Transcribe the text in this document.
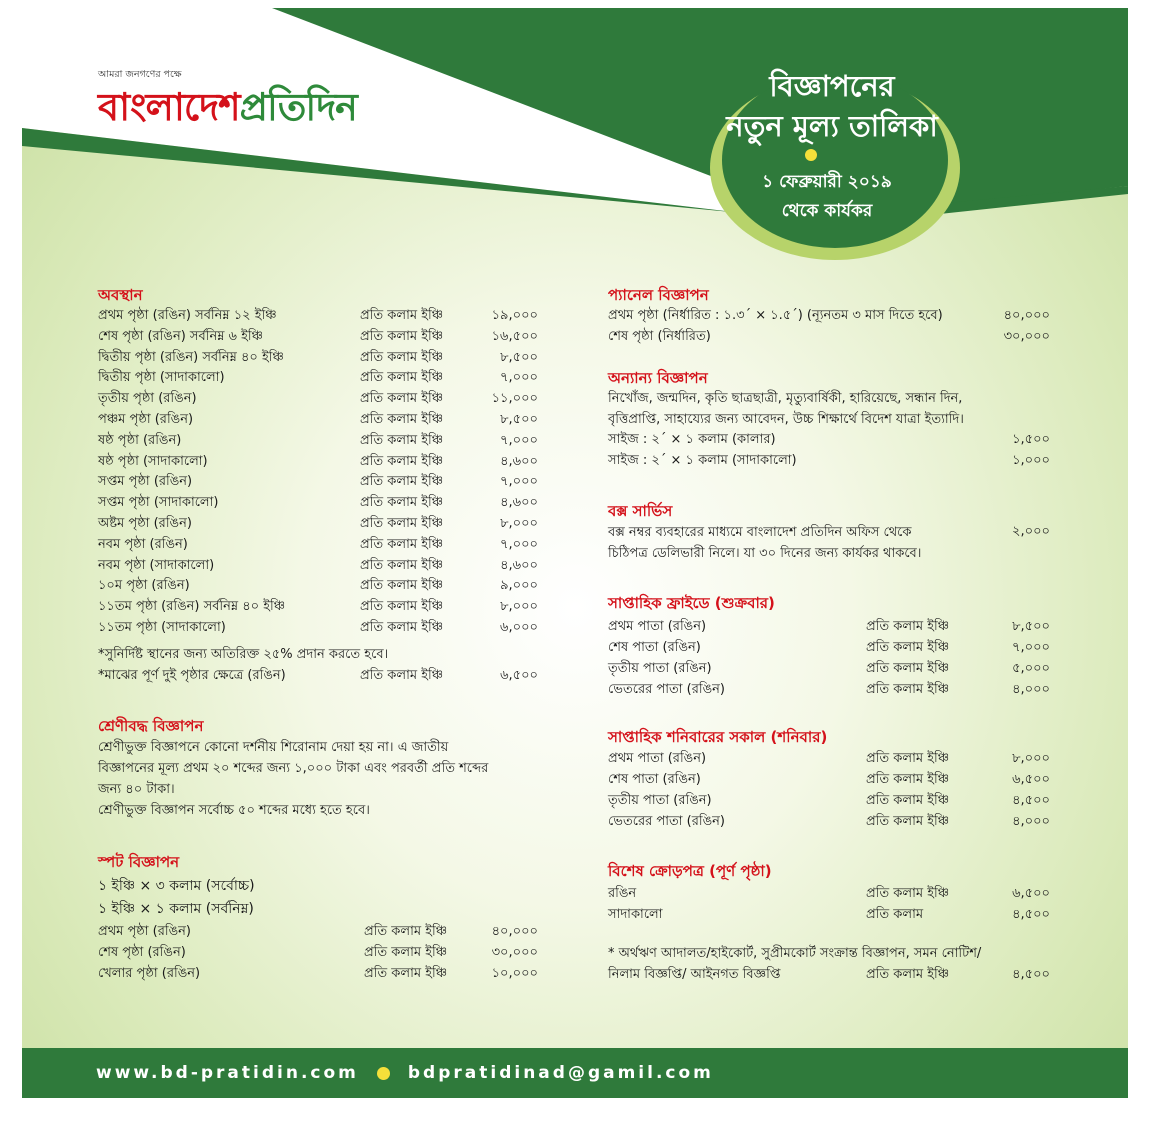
আমরা জনগণের পক্ষে
বাংলাদেশপ্রতিদিন	বিজ্ঞাপনের
নতুন মূল্য তালিকা
১ ফেব্রুয়ারী ২০১৯
থেকে কার্যকর
অবস্থান
প্রথম পৃষ্ঠা (রঙিন) সর্বনিম্ন ১২ ইঞ্চি	প্রতি কলাম ইঞ্চি	১৯,০০০
শেষ পৃষ্ঠা (রঙিন) সর্বনিম্ন ৬ ইঞ্চি	প্রতি কলাম ইঞ্চি	১৬,৫০০
দ্বিতীয় পৃষ্ঠা (রঙিন) সর্বনিম্ন ৪০ ইঞ্চি	প্রতি কলাম ইঞ্চি	৮,৫০০
দ্বিতীয় পৃষ্ঠা (সাদাকালো)	প্রতি কলাম ইঞ্চি	৭,০০০
তৃতীয় পৃষ্ঠা (রঙিন)	প্রতি কলাম ইঞ্চি	১১,০০০
পঞ্চম পৃষ্ঠা (রঙিন)	প্রতি কলাম ইঞ্চি	৮,৫০০
ষষ্ঠ পৃষ্ঠা (রঙিন)	প্রতি কলাম ইঞ্চি	৭,০০০
ষষ্ঠ পৃষ্ঠা (সাদাকালো)	প্রতি কলাম ইঞ্চি	৪,৬০০
সপ্তম পৃষ্ঠা (রঙিন)	প্রতি কলাম ইঞ্চি	৭,০০০
সপ্তম পৃষ্ঠা (সাদাকালো)	প্রতি কলাম ইঞ্চি	৪,৬০০
অষ্টম পৃষ্ঠা (রঙিন)	প্রতি কলাম ইঞ্চি	৮,০০০
নবম পৃষ্ঠা (রঙিন)	প্রতি কলাম ইঞ্চি	৭,০০০
নবম পৃষ্ঠা (সাদাকালো)	প্রতি কলাম ইঞ্চি	৪,৬০০
১০ম পৃষ্ঠা (রঙিন)	প্রতি কলাম ইঞ্চি	৯,০০০
১১তম পৃষ্ঠা (রঙিন) সর্বনিম্ন ৪০ ইঞ্চি	প্রতি কলাম ইঞ্চি	৮,০০০
১১তম পৃষ্ঠা (সাদাকালো)	প্রতি কলাম ইঞ্চি	৬,০০০
*সুনির্দিষ্ট স্থানের জন্য অতিরিক্ত ২৫% প্রদান করতে হবে।
*মাঝের পূর্ণ দুই পৃষ্ঠার ক্ষেত্রে (রঙিন)	প্রতি কলাম ইঞ্চি	৬,৫০০
শ্রেণীবদ্ধ বিজ্ঞাপন
শ্রেণীভুক্ত বিজ্ঞাপনে কোনো দর্শনীয় শিরোনাম দেয়া হয় না। এ জাতীয়
বিজ্ঞাপনের মূল্য প্রথম ২০ শব্দের জন্য ১,০০০ টাকা এবং পরবর্তী প্রতি শব্দের
জন্য ৪০ টাকা।
শ্রেণীভুক্ত বিজ্ঞাপন সর্বোচ্চ ৫০ শব্দের মধ্যে হতে হবে।
স্পট বিজ্ঞাপন
১ ইঞ্চি × ৩ কলাম (সর্বোচ্চ)
১ ইঞ্চি × ১ কলাম (সর্বনিম্ন)
প্রথম পৃষ্ঠা (রঙিন)	প্রতি কলাম ইঞ্চি	৪০,০০০
শেষ পৃষ্ঠা (রঙিন)	প্রতি কলাম ইঞ্চি	৩০,০০০
খেলার পৃষ্ঠা (রঙিন)	প্রতি কলাম ইঞ্চি	১০,০০০
প্যানেল বিজ্ঞাপন
প্রথম পৃষ্ঠা (নির্ধারিত : ১.৩ˊ × ১.৫ˊ) (ন্যূনতম ৩ মাস দিতে হবে)	৪০,০০০
শেষ পৃষ্ঠা (নির্ধারিত)	৩০,০০০
অন্যান্য বিজ্ঞাপন
নিখোঁজ, জন্মদিন, কৃতি ছাত্রছাত্রী, মৃত্যুবার্ষিকী, হারিয়েছে, সন্ধান দিন,
বৃত্তিপ্রাপ্তি, সাহায্যের জন্য আবেদন, উচ্চ শিক্ষার্থে বিদেশ যাত্রা ইত্যাদি।
সাইজ : ২ˊ × ১ কলাম (কালার)	১,৫০০
সাইজ : ২ˊ × ১ কলাম (সাদাকালো)	১,০০০
বক্স সার্ভিস
বক্স নম্বর ব্যবহারের মাধ্যমে বাংলাদেশ প্রতিদিন অফিস থেকে
চিঠিপত্র ডেলিভারী নিলে। যা ৩০ দিনের জন্য কার্যকর থাকবে।
২,০০০
সাপ্তাহিক ফ্রাইডে (শুক্রবার)
প্রথম পাতা (রঙিন)	প্রতি কলাম ইঞ্চি	৮,৫০০
শেষ পাতা (রঙিন)	প্রতি কলাম ইঞ্চি	৭,০০০
তৃতীয় পাতা (রঙিন)	প্রতি কলাম ইঞ্চি	৫,০০০
ভেতরের পাতা (রঙিন)	প্রতি কলাম ইঞ্চি	৪,০০০
সাপ্তাহিক শনিবারের সকাল (শনিবার)
প্রথম পাতা (রঙিন)	প্রতি কলাম ইঞ্চি	৮,০০০
শেষ পাতা (রঙিন)	প্রতি কলাম ইঞ্চি	৬,৫০০
তৃতীয় পাতা (রঙিন)	প্রতি কলাম ইঞ্চি	৪,৫০০
ভেতরের পাতা (রঙিন)	প্রতি কলাম ইঞ্চি	৪,০০০
বিশেষ ক্রোড়পত্র (পূর্ণ পৃষ্ঠা)
রঙিন	প্রতি কলাম ইঞ্চি	৬,৫০০
সাদাকালো	প্রতি কলাম	৪,৫০০
* অর্থঋণ আদালত/হাইকোর্ট, সুপ্রীমকোর্ট সংক্রান্ত বিজ্ঞাপন, সমন নোটিশ/
নিলাম বিজ্ঞপ্তি/ আইনগত বিজ্ঞপ্তি	প্রতি কলাম ইঞ্চি	৪,৫০০
www.bd-pratidin.com	bdpratidinad@gamil.com
